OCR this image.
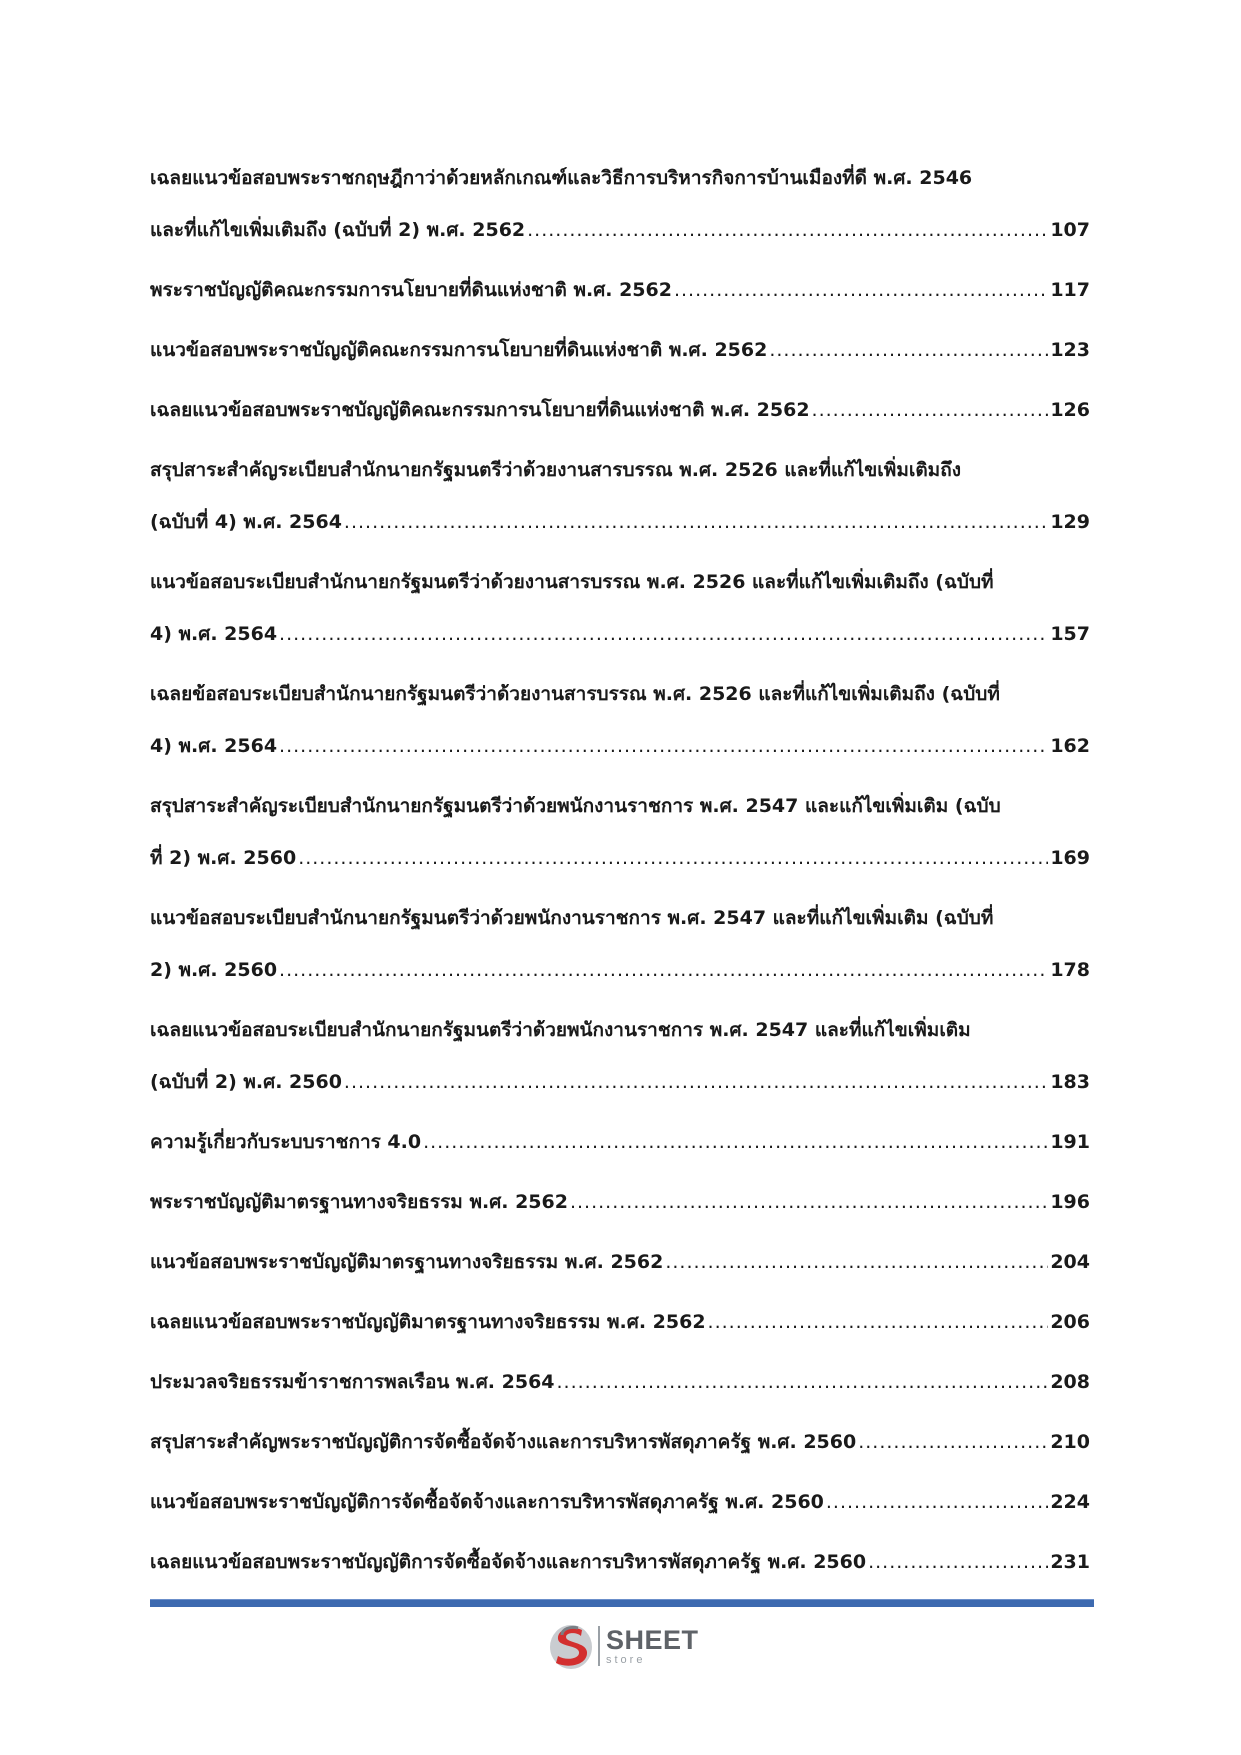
เฉลยแนวข้อสอบพระราชกฤษฎีกาว่าด้วยหลักเกณฑ์และวิธีการบริหารกิจการบ้านเมืองที่ดี พ.ศ. 2546
และที่แก้ไขเพิ่มเติมถึง (ฉบับที่ 2) พ.ศ. 2562 .....	107
พระราชบัญญัติคณะกรรมการนโยบายที่ดินแห่งชาติ พ.ศ. 2562 .....	117
แนวข้อสอบพระราชบัญญัติคณะกรรมการนโยบายที่ดินแห่งชาติ พ.ศ. 2562 .....	123
เฉลยแนวข้อสอบพระราชบัญญัติคณะกรรมการนโยบายที่ดินแห่งชาติ พ.ศ. 2562 .....	126
สรุปสาระสำคัญระเบียบสำนักนายกรัฐมนตรีว่าด้วยงานสารบรรณ พ.ศ. 2526 และที่แก้ไขเพิ่มเติมถึง
(ฉบับที่ 4) พ.ศ. 2564 .....	129
แนวข้อสอบระเบียบสำนักนายกรัฐมนตรีว่าด้วยงานสารบรรณ พ.ศ. 2526 และที่แก้ไขเพิ่มเติมถึง (ฉบับที่
4) พ.ศ. 2564 .....	157
เฉลยข้อสอบระเบียบสำนักนายกรัฐมนตรีว่าด้วยงานสารบรรณ พ.ศ. 2526 และที่แก้ไขเพิ่มเติมถึง (ฉบับที่
4) พ.ศ. 2564 .....	162
สรุปสาระสำคัญระเบียบสำนักนายกรัฐมนตรีว่าด้วยพนักงานราชการ พ.ศ. 2547 และแก้ไขเพิ่มเติม (ฉบับ
ที่ 2) พ.ศ. 2560 .....	169
แนวข้อสอบระเบียบสำนักนายกรัฐมนตรีว่าด้วยพนักงานราชการ พ.ศ. 2547 และที่แก้ไขเพิ่มเติม (ฉบับที่
2) พ.ศ. 2560 .....	178
เฉลยแนวข้อสอบระเบียบสำนักนายกรัฐมนตรีว่าด้วยพนักงานราชการ พ.ศ. 2547 และที่แก้ไขเพิ่มเติม
(ฉบับที่ 2) พ.ศ. 2560 .....	183
ความรู้เกี่ยวกับระบบราชการ 4.0 .....	191
พระราชบัญญัติมาตรฐานทางจริยธรรม พ.ศ. 2562 .....	196
แนวข้อสอบพระราชบัญญัติมาตรฐานทางจริยธรรม พ.ศ. 2562 .....	204
เฉลยแนวข้อสอบพระราชบัญญัติมาตรฐานทางจริยธรรม พ.ศ. 2562 .....	206
ประมวลจริยธรรมข้าราชการพลเรือน พ.ศ. 2564 .....	208
สรุปสาระสำคัญพระราชบัญญัติการจัดซื้อจัดจ้างและการบริหารพัสดุภาครัฐ พ.ศ. 2560 .....	210
แนวข้อสอบพระราชบัญญัติการจัดซื้อจัดจ้างและการบริหารพัสดุภาครัฐ พ.ศ. 2560 .....	224
เฉลยแนวข้อสอบพระราชบัญญัติการจัดซื้อจัดจ้างและการบริหารพัสดุภาครัฐ พ.ศ. 2560 .....	231
SHEET
store
